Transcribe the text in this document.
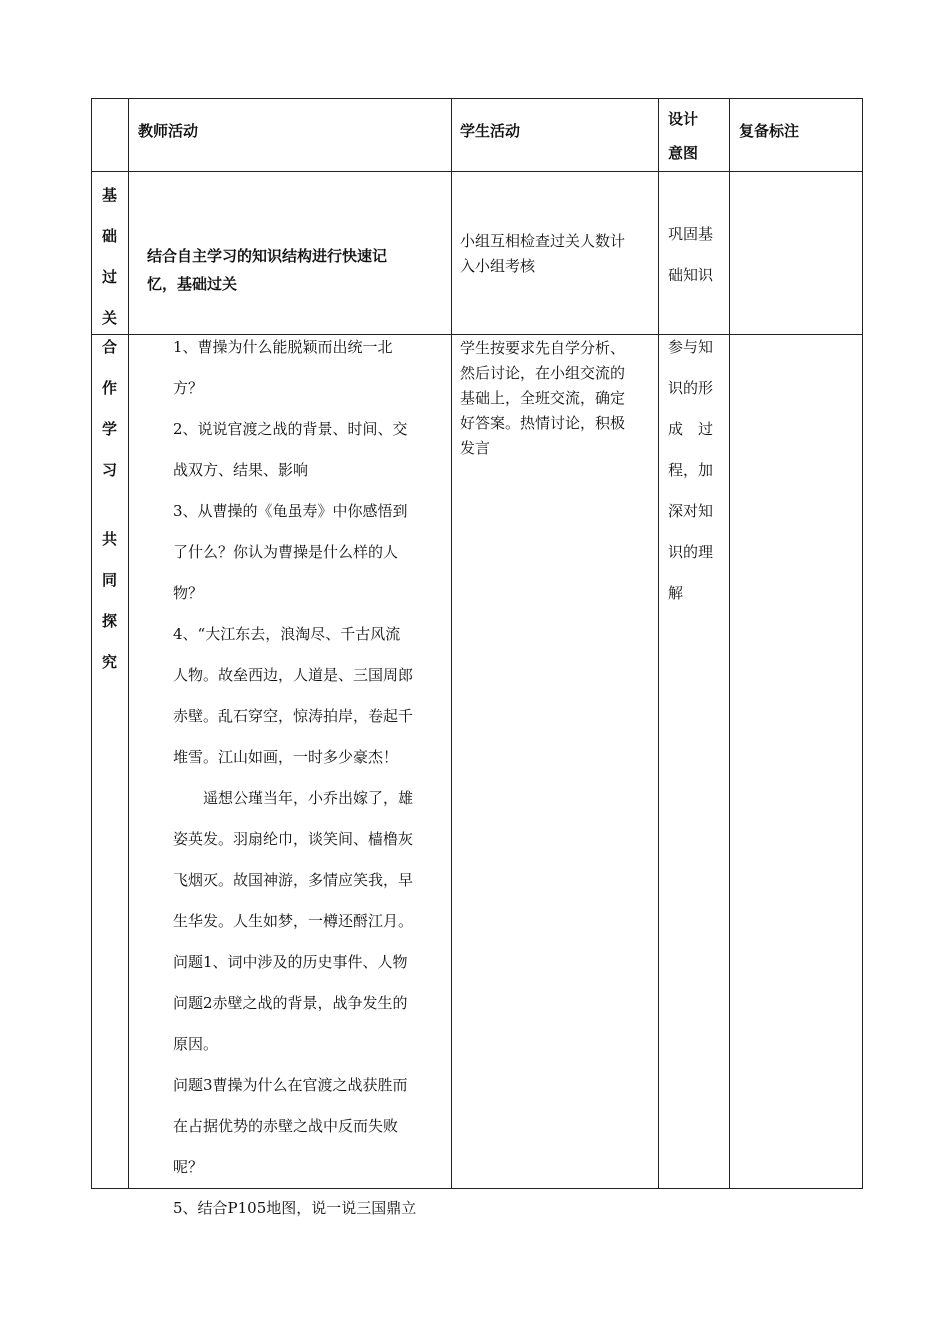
教师活动	学生活动
设计
意图
复备标注
基
础
过
关
结合自主学习的知识结构进行快速记
忆，基础过关
小组互相检查过关人数计
入小组考核
巩固基
础知识
合
作
学
习
共
同
探
究

1、曹操为什么能脱颖而出统一北

方？

2、说说官渡之战的背景、时间、交

战双方、结果、影响

3、从曹操的《龟虽寿》中你感悟到

了什么？你认为曹操是什么样的人

物？

4、“大江东去，浪淘尽、千古风流

人物。故垒西边，人道是、三国周郎

赤壁。乱石穿空，惊涛拍岸，卷起千

堆雪。江山如画，一时多少豪杰！

遥想公瑾当年，小乔出嫁了，雄

姿英发。羽扇纶巾，谈笑间、樯橹灰

飞烟灭。故国神游，多情应笑我，早

生华发。人生如梦，一樽还酹江月。

问题1、词中涉及的历史事件、人物

问题2赤壁之战的背景，战争发生的

原因。

问题3曹操为什么在官渡之战获胜而

在占据优势的赤壁之战中反而失败

呢？

5、结合P105地图，说一说三国鼎立

学生按要求先自学分析、
然后讨论，在小组交流的
基础上，全班交流，确定
好答案。热情讨论，积极
发言
参与知
识的形
成　过
程，加
深对知
识的理
解
